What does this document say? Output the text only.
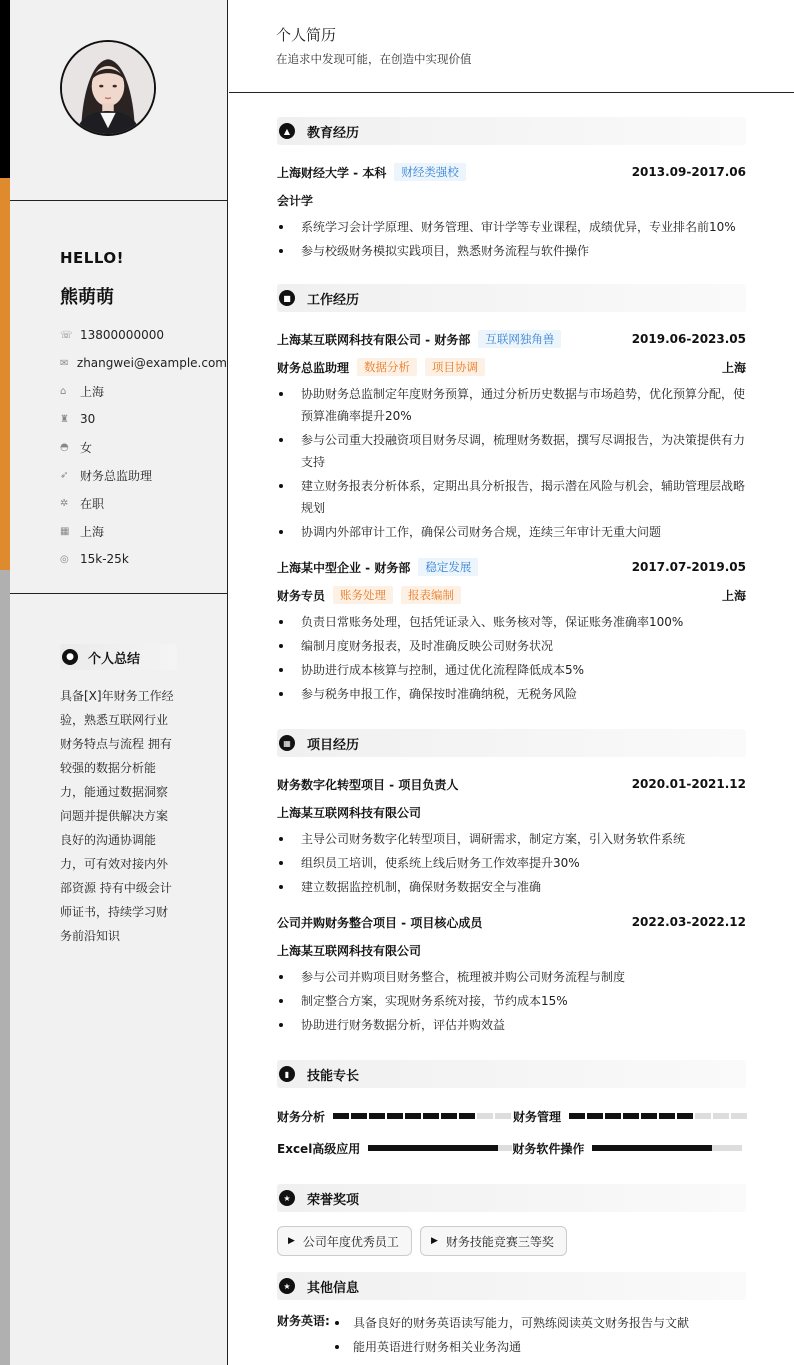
HELLO!
熊萌萌
☏ 13800000000
✉ zhangwei@example.com
⌂	上海
♜ 30
◓ 女
➶ 财务总监助理
✲ 在职
▦ 上海
◎ 15k-25k
●	个人总结
具备[X]年财务工作经验，熟悉互联网行业财务特点与流程 拥有较强的数据分析能力，能通过数据洞察问题并提供解决方案 良好的沟通协调能力，可有效对接内外部资源 持有中级会计师证书，持续学习财务前沿知识
个人简历
在追求中发现可能，在创造中实现价值
▲	教育经历
上海财经大学 - 本科	财经类强校	2013.09-2017.06
会计学
系统学习会计学原理、财务管理、审计学等专业课程，成绩优异，专业排名前10%
参与校级财务模拟实践项目，熟悉财务流程与软件操作
■	工作经历
上海某互联网科技有限公司 - 财务部	互联网独角兽	2019.06-2023.05
财务总监助理	数据分析	项目协调	上海
协助财务总监制定年度财务预算，通过分析历史数据与市场趋势，优化预算分配，使预算准确率提升20%
参与公司重大投融资项目财务尽调，梳理财务数据，撰写尽调报告，为决策提供有力支持
建立财务报表分析体系，定期出具分析报告，揭示潜在风险与机会，辅助管理层战略规划
协调内外部审计工作，确保公司财务合规，连续三年审计无重大问题
上海某中型企业 - 财务部	稳定发展	2017.07-2019.05
财务专员	账务处理	报表编制	上海
负责日常账务处理，包括凭证录入、账务核对等，保证账务准确率100%
编制月度财务报表，及时准确反映公司财务状况
协助进行成本核算与控制，通过优化流程降低成本5%
参与税务申报工作，确保按时准确纳税，无税务风险
▦	项目经历
财务数字化转型项目 - 项目负责人	2020.01-2021.12
上海某互联网科技有限公司
主导公司财务数字化转型项目，调研需求，制定方案，引入财务软件系统
组织员工培训，使系统上线后财务工作效率提升30%
建立数据监控机制，确保财务数据安全与准确
公司并购财务整合项目 - 项目核心成员	2022.03-2022.12
上海某互联网科技有限公司
参与公司并购项目财务整合，梳理被并购公司财务流程与制度
制定整合方案，实现财务系统对接，节约成本15%
协助进行财务数据分析，评估并购效益
▮	技能专长
财务分析	财务管理
Excel高级应用	财务软件操作
★	荣誉奖项
▶ 公司年度优秀员工	▶ 财务技能竞赛三等奖
★	其他信息
财务英语:	具备良好的财务英语读写能力，可熟练阅读英文财务报告与文献
能用英语进行财务相关业务沟通
